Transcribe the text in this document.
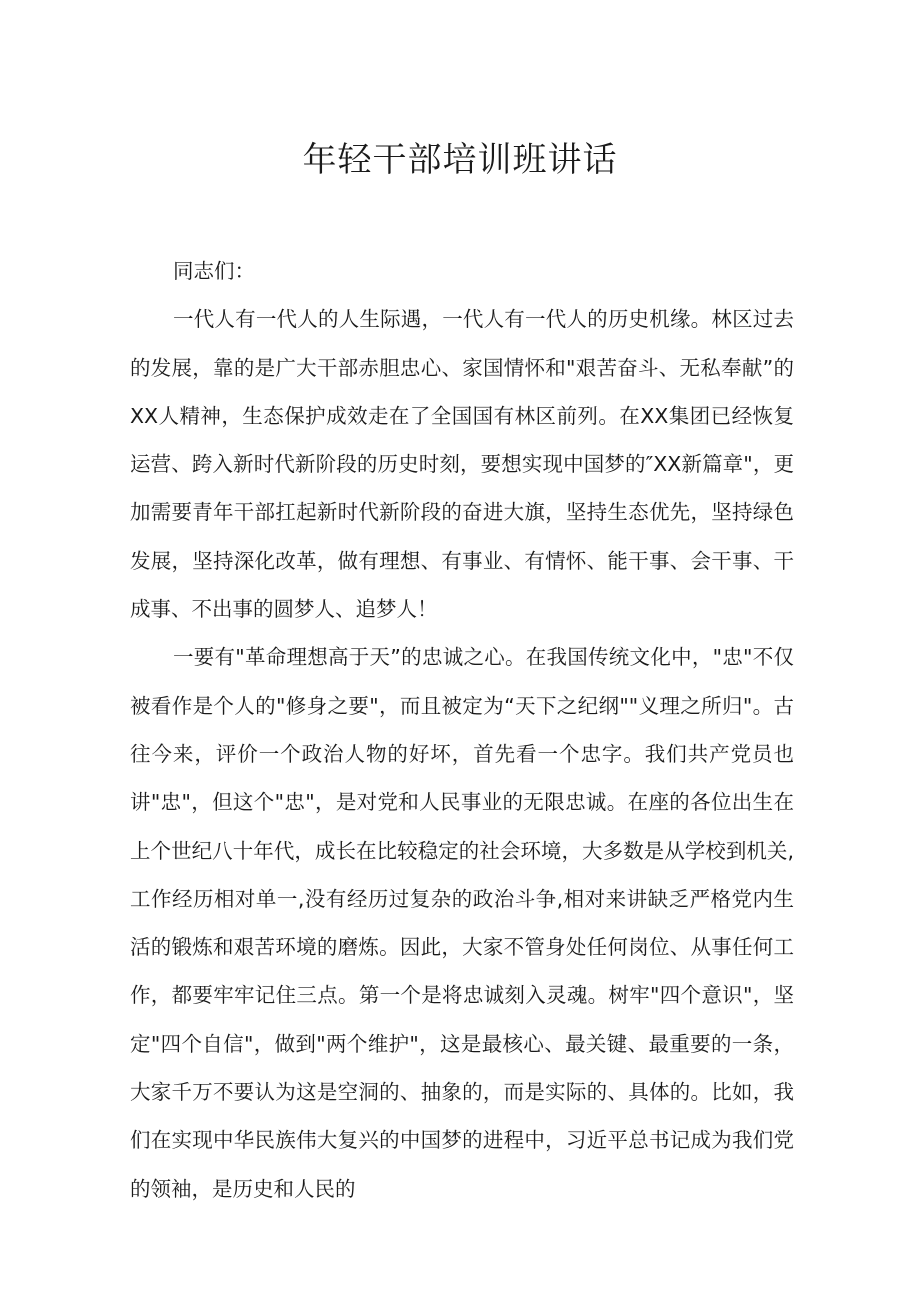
年轻干部培训班讲话

同志们：

一代人有一代人的人生际遇，一代人有一代人的历史机缘。林区过去的发展，靠的是广大干部赤胆忠心、家国情怀和"艰苦奋斗、无私奉献”的XX人精神，生态保护成效走在了全国国有林区前列。在XX集团已经恢复运营、跨入新时代新阶段的历史时刻，要想实现中国梦的″XX新篇章"，更加需要青年干部扛起新时代新阶段的奋进大旗，坚持生态优先，坚持绿色发展，坚持深化改革，做有理想、有事业、有情怀、能干事、会干事、干成事、不出事的圆梦人、追梦人！

一要有"革命理想高于天”的忠诚之心。在我国传统文化中，"忠"不仅被看作是个人的"修身之要"，而且被定为“天下之纪纲""义理之所归"。古往今来，评价一个政治人物的好坏，首先看一个忠字。我们共产党员也讲"忠"，但这个"忠"，是对党和人民事业的无限忠诚。在座的各位出生在上个世纪八十年代，成长在比较稳定的社会环境，大多数是从学校到机关,工作经历相对单一,没有经历过复杂的政治斗争,相对来讲缺乏严格党内生活的锻炼和艰苦环境的磨炼。因此，大家不管身处任何岗位、从事任何工作，都要牢牢记住三点。第一个是将忠诚刻入灵魂。树牢"四个意识"，坚定"四个自信"，做到"两个维护"，这是最核心、最关键、最重要的一条，大家千万不要认为这是空洞的、抽象的，而是实际的、具体的。比如，我们在实现中华民族伟大复兴的中国梦的进程中，习近平总书记成为我们党的领袖，是历史和人民的
